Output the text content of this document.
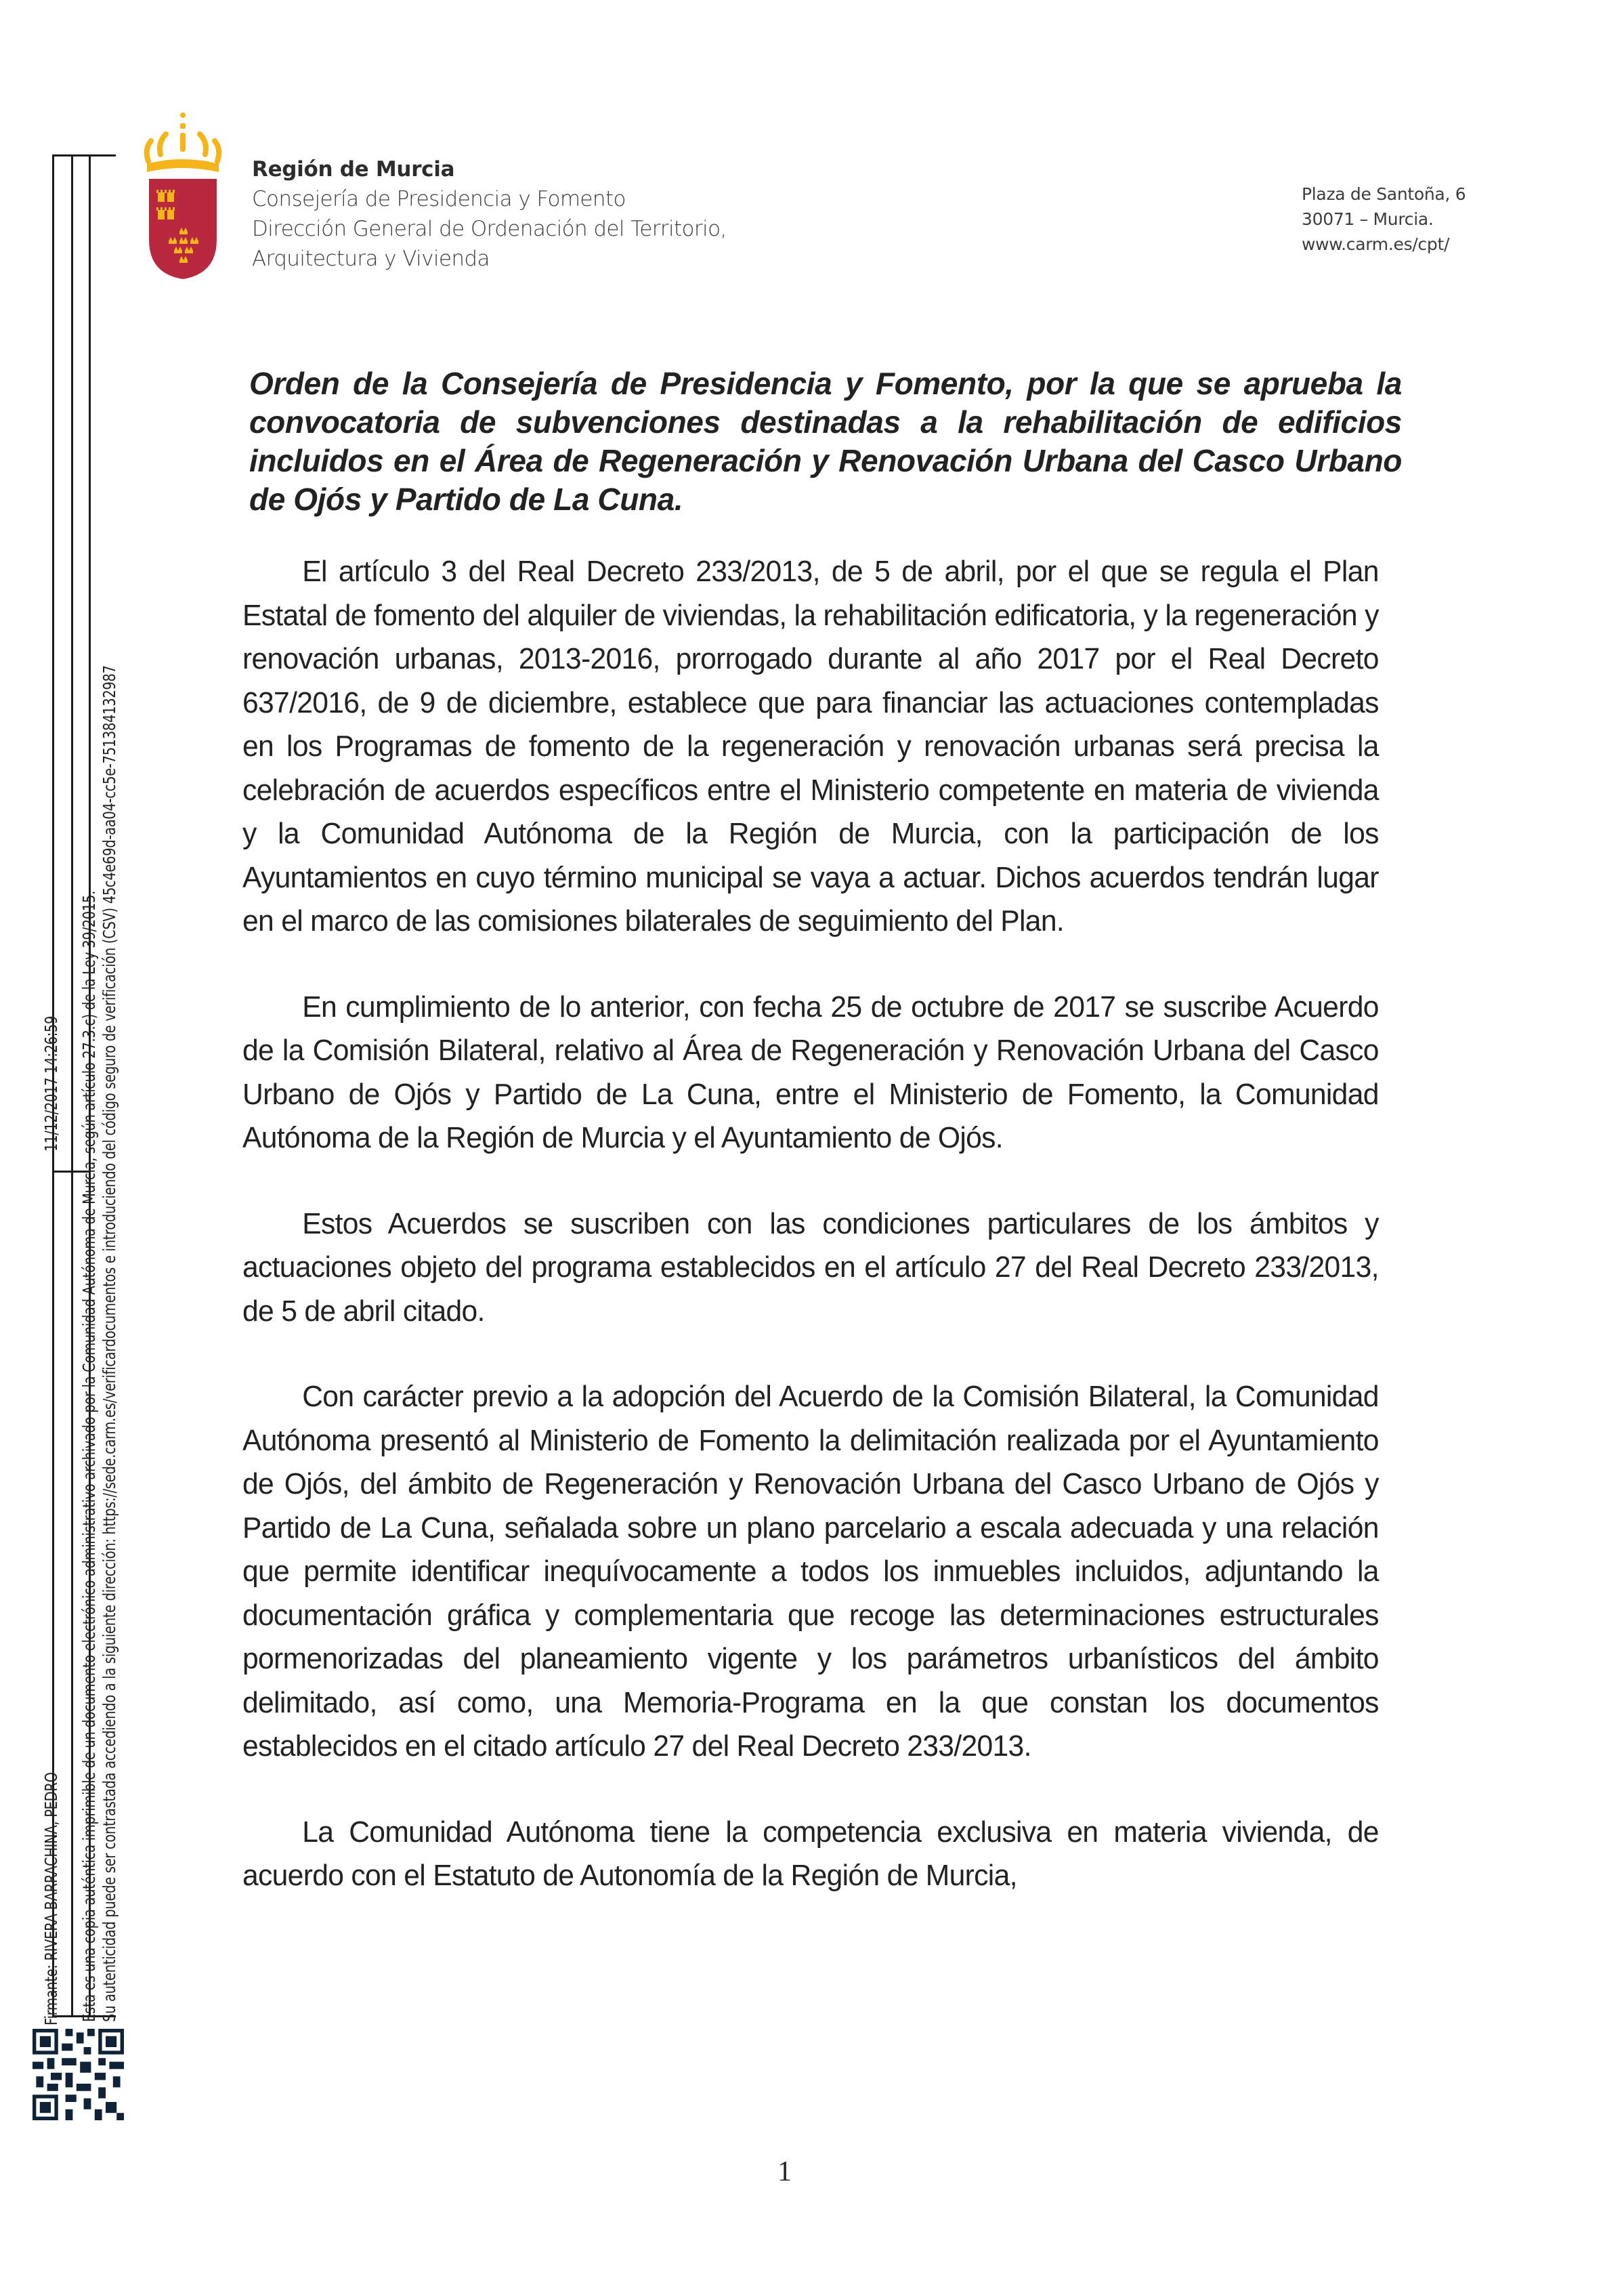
Región de Murcia
Consejería de Presidencia y Fomento
Dirección General de Ordenación del Territorio,
Arquitectura y Vivienda
Plaza de Santoña, 6
30071 – Murcia.
www.carm.es/cpt/
Orden de la Consejería de Presidencia y Fomento, por la que se aprueba la convocatoria de subvenciones destinadas a la rehabilitación de edificios incluidos en el Área de Regeneración y Renovación Urbana del Casco Urbano de Ojós y Partido de La Cuna.

El artículo 3 del Real Decreto 233/2013, de 5 de abril, por el que se regula el Plan Estatal de fomento del alquiler de viviendas, la rehabilitación edificatoria, y la regeneración y renovación urbanas, 2013-2016, prorrogado durante al año 2017 por el Real Decreto 637/2016, de 9 de diciembre, establece que para financiar las actuaciones contempladas en los Programas de fomento de la regeneración y renovación urbanas será precisa la celebración de acuerdos específicos entre el Ministerio competente en materia de vivienda y la Comunidad Autónoma de la Región de Murcia, con la participación de los Ayuntamientos en cuyo término municipal se vaya a actuar. Dichos acuerdos tendrán lugar en el marco de las comisiones bilaterales de seguimiento del Plan.

En cumplimiento de lo anterior, con fecha 25 de octubre de 2017 se suscribe Acuerdo de la Comisión Bilateral, relativo al Área de Regeneración y Renovación Urbana del Casco Urbano de Ojós y Partido de La Cuna, entre el Ministerio de Fomento, la Comunidad Autónoma de la Región de Murcia y el Ayuntamiento de Ojós.

Estos Acuerdos se suscriben con las condiciones particulares de los ámbitos y actuaciones objeto del programa establecidos en el artículo 27 del Real Decreto 233/2013, de 5 de abril citado.

Con carácter previo a la adopción del Acuerdo de la Comisión Bilateral, la Comunidad Autónoma presentó al Ministerio de Fomento la delimitación realizada por el Ayuntamiento de Ojós, del ámbito de Regeneración y Renovación Urbana del Casco Urbano de Ojós y Partido de La Cuna, señalada sobre un plano parcelario a escala adecuada y una relación que permite identificar inequívocamente a todos los inmuebles incluidos, adjuntando la documentación gráfica y complementaria que recoge las determinaciones estructurales pormenorizadas del planeamiento vigente y los parámetros urbanísticos del ámbito delimitado, así como, una Memoria-Programa en la que constan los documentos establecidos en el citado artículo 27 del Real Decreto 233/2013.

La Comunidad Autónoma tiene la competencia exclusiva en materia vivienda, de acuerdo con el Estatuto de Autonomía de la Región de Murcia,

Firmante: RIVERA BARRACHINA, PEDRO
11/12/2017 14:26:59 Esta es una copia auténtica imprimible de un documento electrónico administrativo archivado por la Comunidad Autónoma de Murcia, según artículo 27.3.c) de la Ley 39/2015. Su autenticidad puede ser contrastada accediendo a la siguiente dirección: https://sede.carm.es/verificardocumentos e introduciendo del código seguro de verificación (CSV) 45c4e69d-aa04-cc5e-751384132987
1
